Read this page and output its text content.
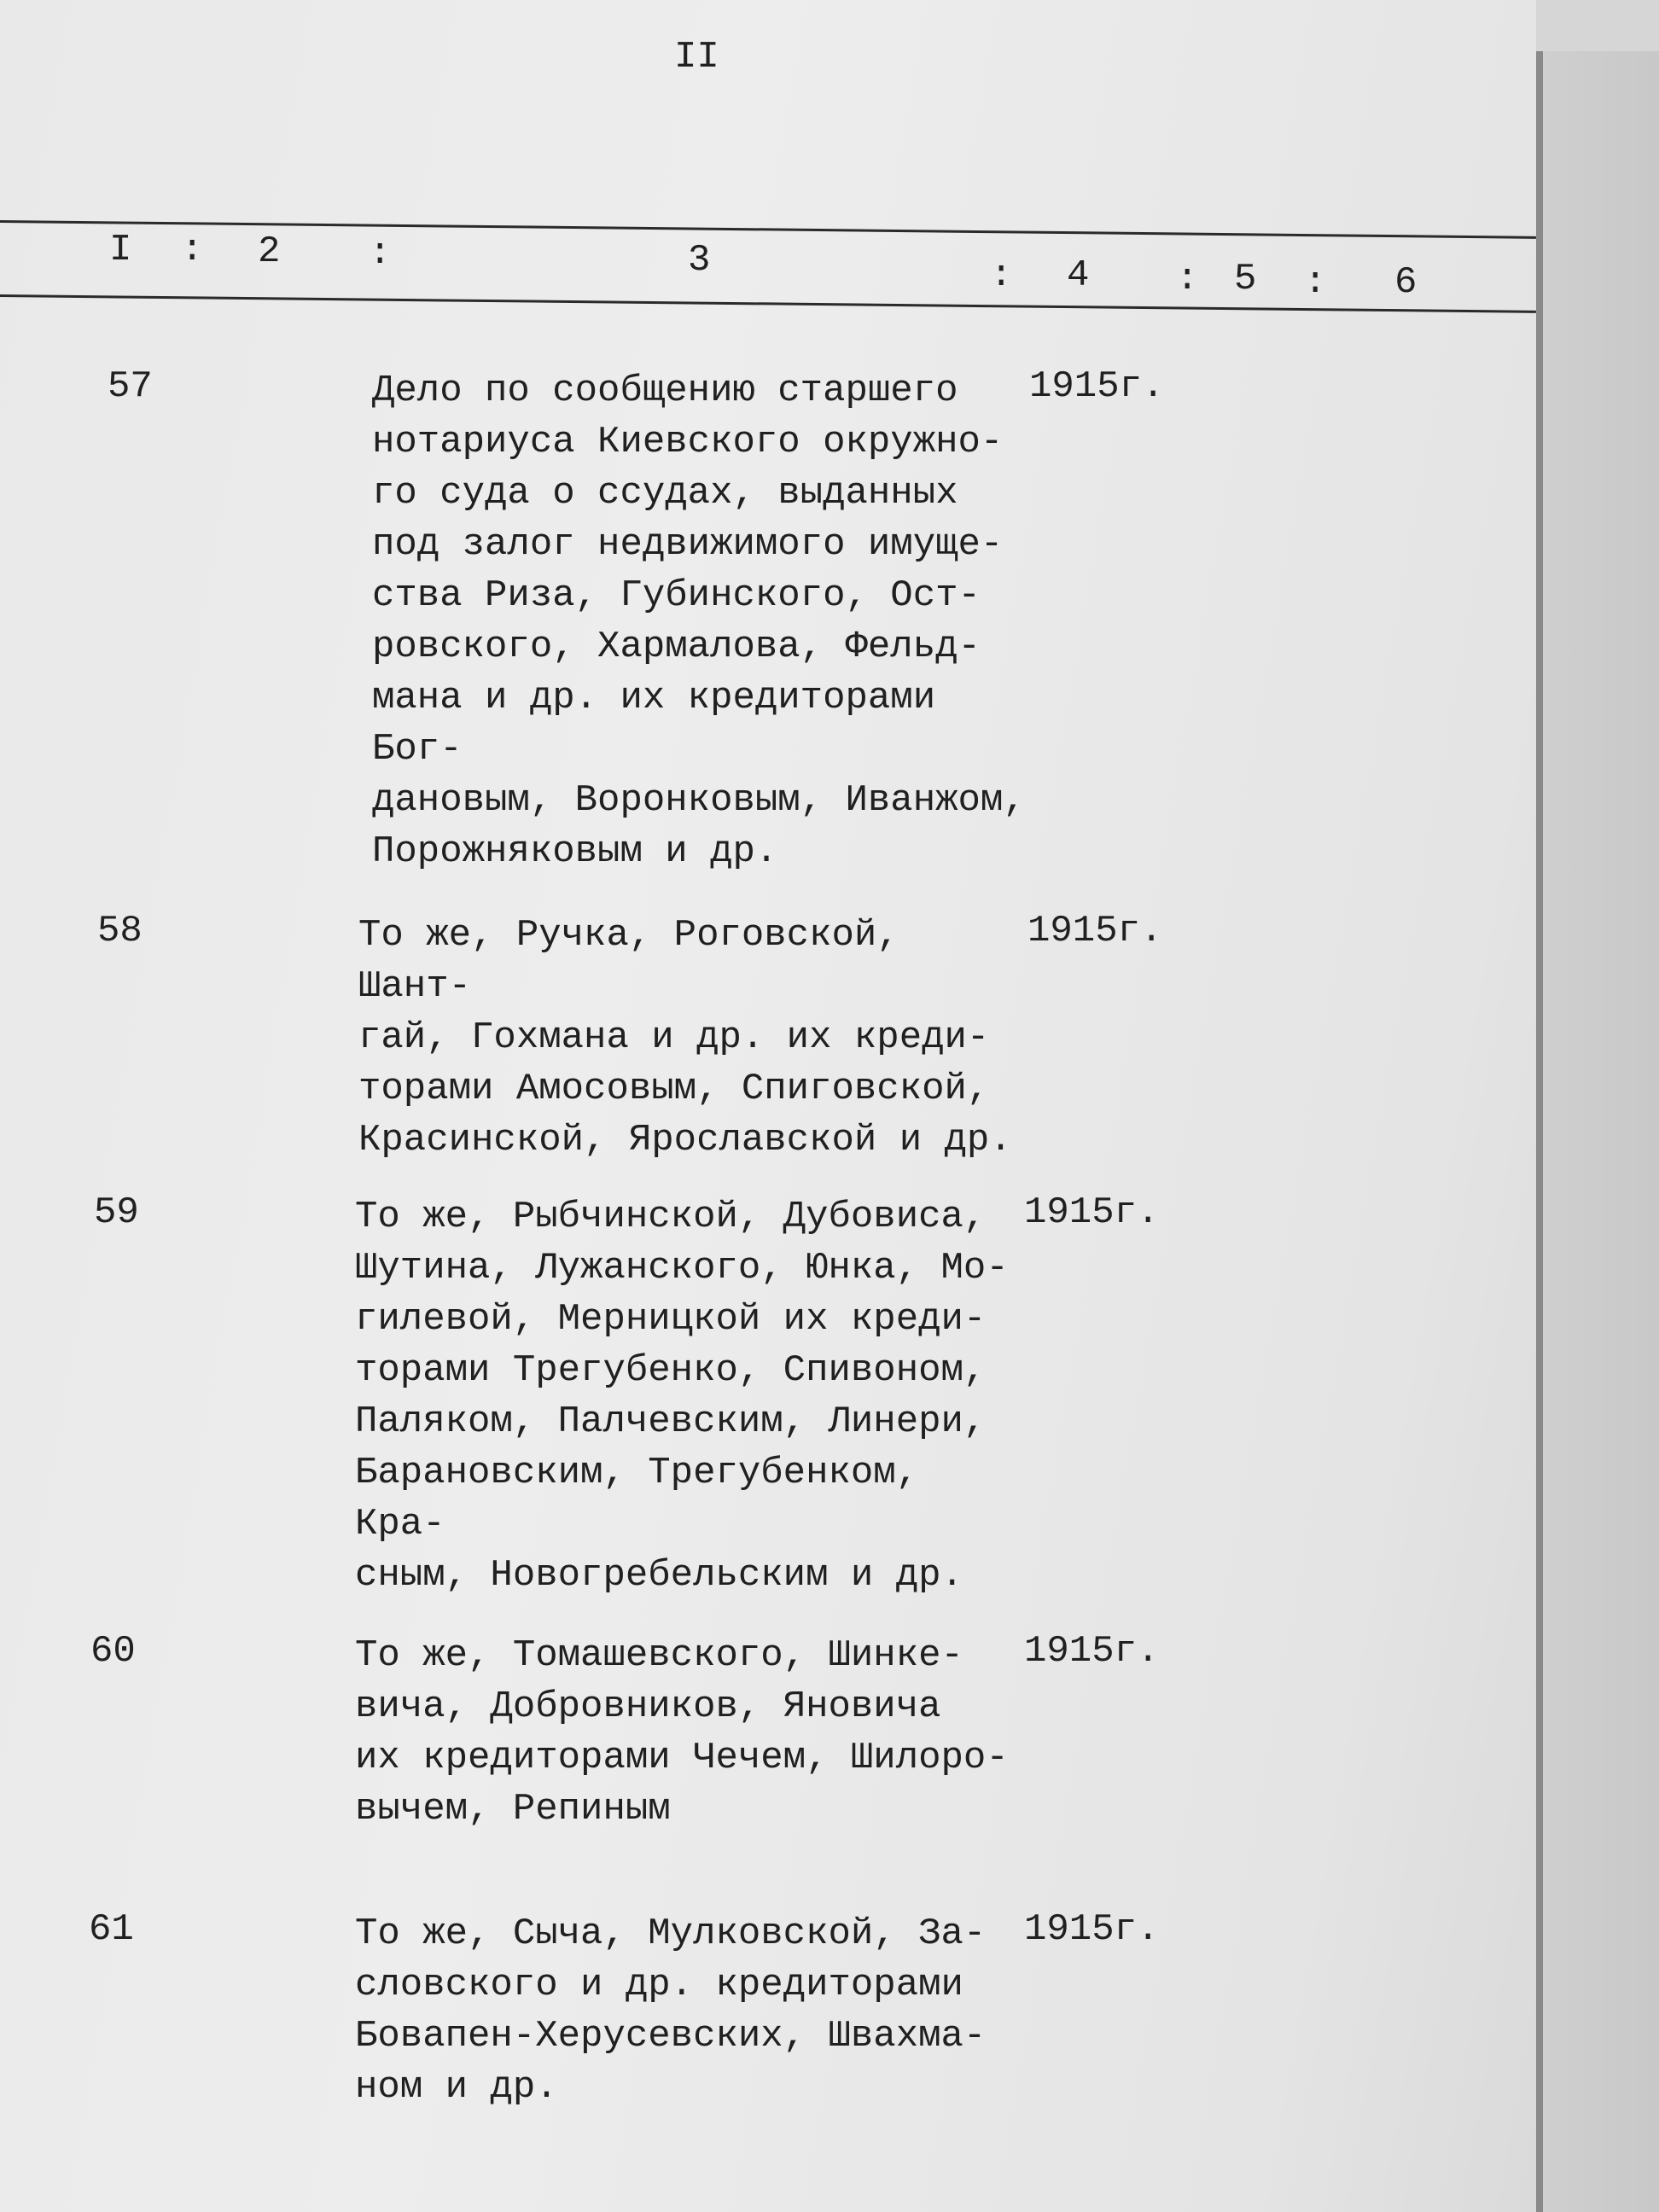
II
I : 2 :	3	: 4 : 5 : 6
57	Дело по сообщению старшего
нотариуса Киевского окружно-
го суда о ссудах, выданных
под залог недвижимого имуще-
ства Риза, Губинского, Ост-
ровского, Хармалова, Фельд-
мана и др. их кредиторами Бог-
дановым, Воронковым, Иванжом,
Порожняковым и др.
1915г.
58	То же, Ручка, Роговской, Шант-
гай, Гохмана и др. их креди-
торами Амосовым, Спиговской,
Красинской, Ярославской и др.
1915г.
59	То же, Рыбчинской, Дубовиса,
Шутина, Лужанского, Юнка, Мо-
гилевой, Мерницкой их креди-
торами Трегубенко, Спивоном,
Паляком, Палчевским, Линери,
Барановским, Трегубенком, Кра-
сным, Новогребельским и др.
1915г.
60	То же, Томашевского, Шинке-
вича, Добровников, Яновича
их кредиторами Чечем, Шилоро-
вычем, Репиным
1915г.
61	То же, Сыча, Мулковской, За-
словского и др. кредиторами
Бовапен-Херусевских, Швахма-
ном и др.
1915г.
